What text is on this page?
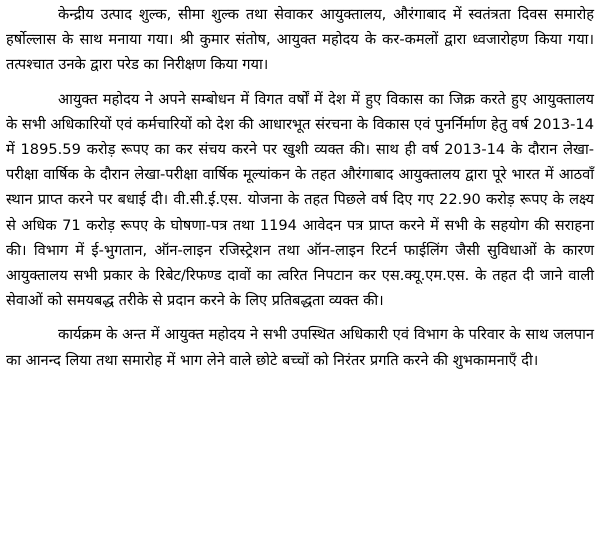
केन्द्रीय उत्पाद शुल्क, सीमा शुल्क तथा सेवाकर आयुक्तालय, औरंगाबाद में स्वतंत्रता दिवस समारोह हर्षोल्लास के साथ मनाया गया। श्री कुमार संतोष, आयुक्त महोदय के कर-कमलों द्वारा ध्वजारोहण किया गया। तत्पश्चात उनके द्वारा परेड का निरीक्षण किया गया।

आयुक्त महोदय ने अपने सम्बोधन में विगत वर्षों में देश में हुए विकास का जिक्र करते हुए आयुक्तालय के सभी अधिकारियों एवं कर्मचारियों को देश की आधारभूत संरचना के विकास एवं पुनर्निर्माण हेतु वर्ष 2013-14 में 1895.59 करोड़ रूपए का कर संचय करने पर खुशी व्यक्त की। साथ ही वर्ष 2013-14 के दौरान लेखा-परीक्षा वार्षिक के दौरान लेखा-परीक्षा वार्षिक मूल्यांकन के तहत औरंगाबाद आयुक्तालय द्वारा पूरे भारत में आठवाँ स्थान प्राप्त करने पर बधाई दी। वी.सी.ई.एस. योजना के तहत पिछले वर्ष दिए गए 22.90 करोड़ रूपए के लक्ष्य से अधिक 71 करोड़ रूपए के घोषणा-पत्र तथा 1194 आवेदन पत्र प्राप्त करने में सभी के सहयोग की सराहना की। विभाग में ई-भुगतान, ऑन-लाइन रजिस्ट्रेशन तथा ऑन-लाइन रिटर्न फाईलिंग जैसी सुविधाओं के कारण आयुक्तालय सभी प्रकार के रिबेट/रिफण्ड दावों का त्वरित निपटान कर एस.क्यू.एम.एस. के तहत दी जाने वाली सेवाओं को समयबद्ध तरीके से प्रदान करने के लिए प्रतिबद्धता व्यक्त की।

कार्यक्रम के अन्त में आयुक्त महोदय ने सभी उपस्थित अधिकारी एवं विभाग के परिवार के साथ जलपान का आनन्द लिया तथा समारोह में भाग लेने वाले छोटे बच्चों को निरंतर प्रगति करने की शुभकामनाएँ दी।
